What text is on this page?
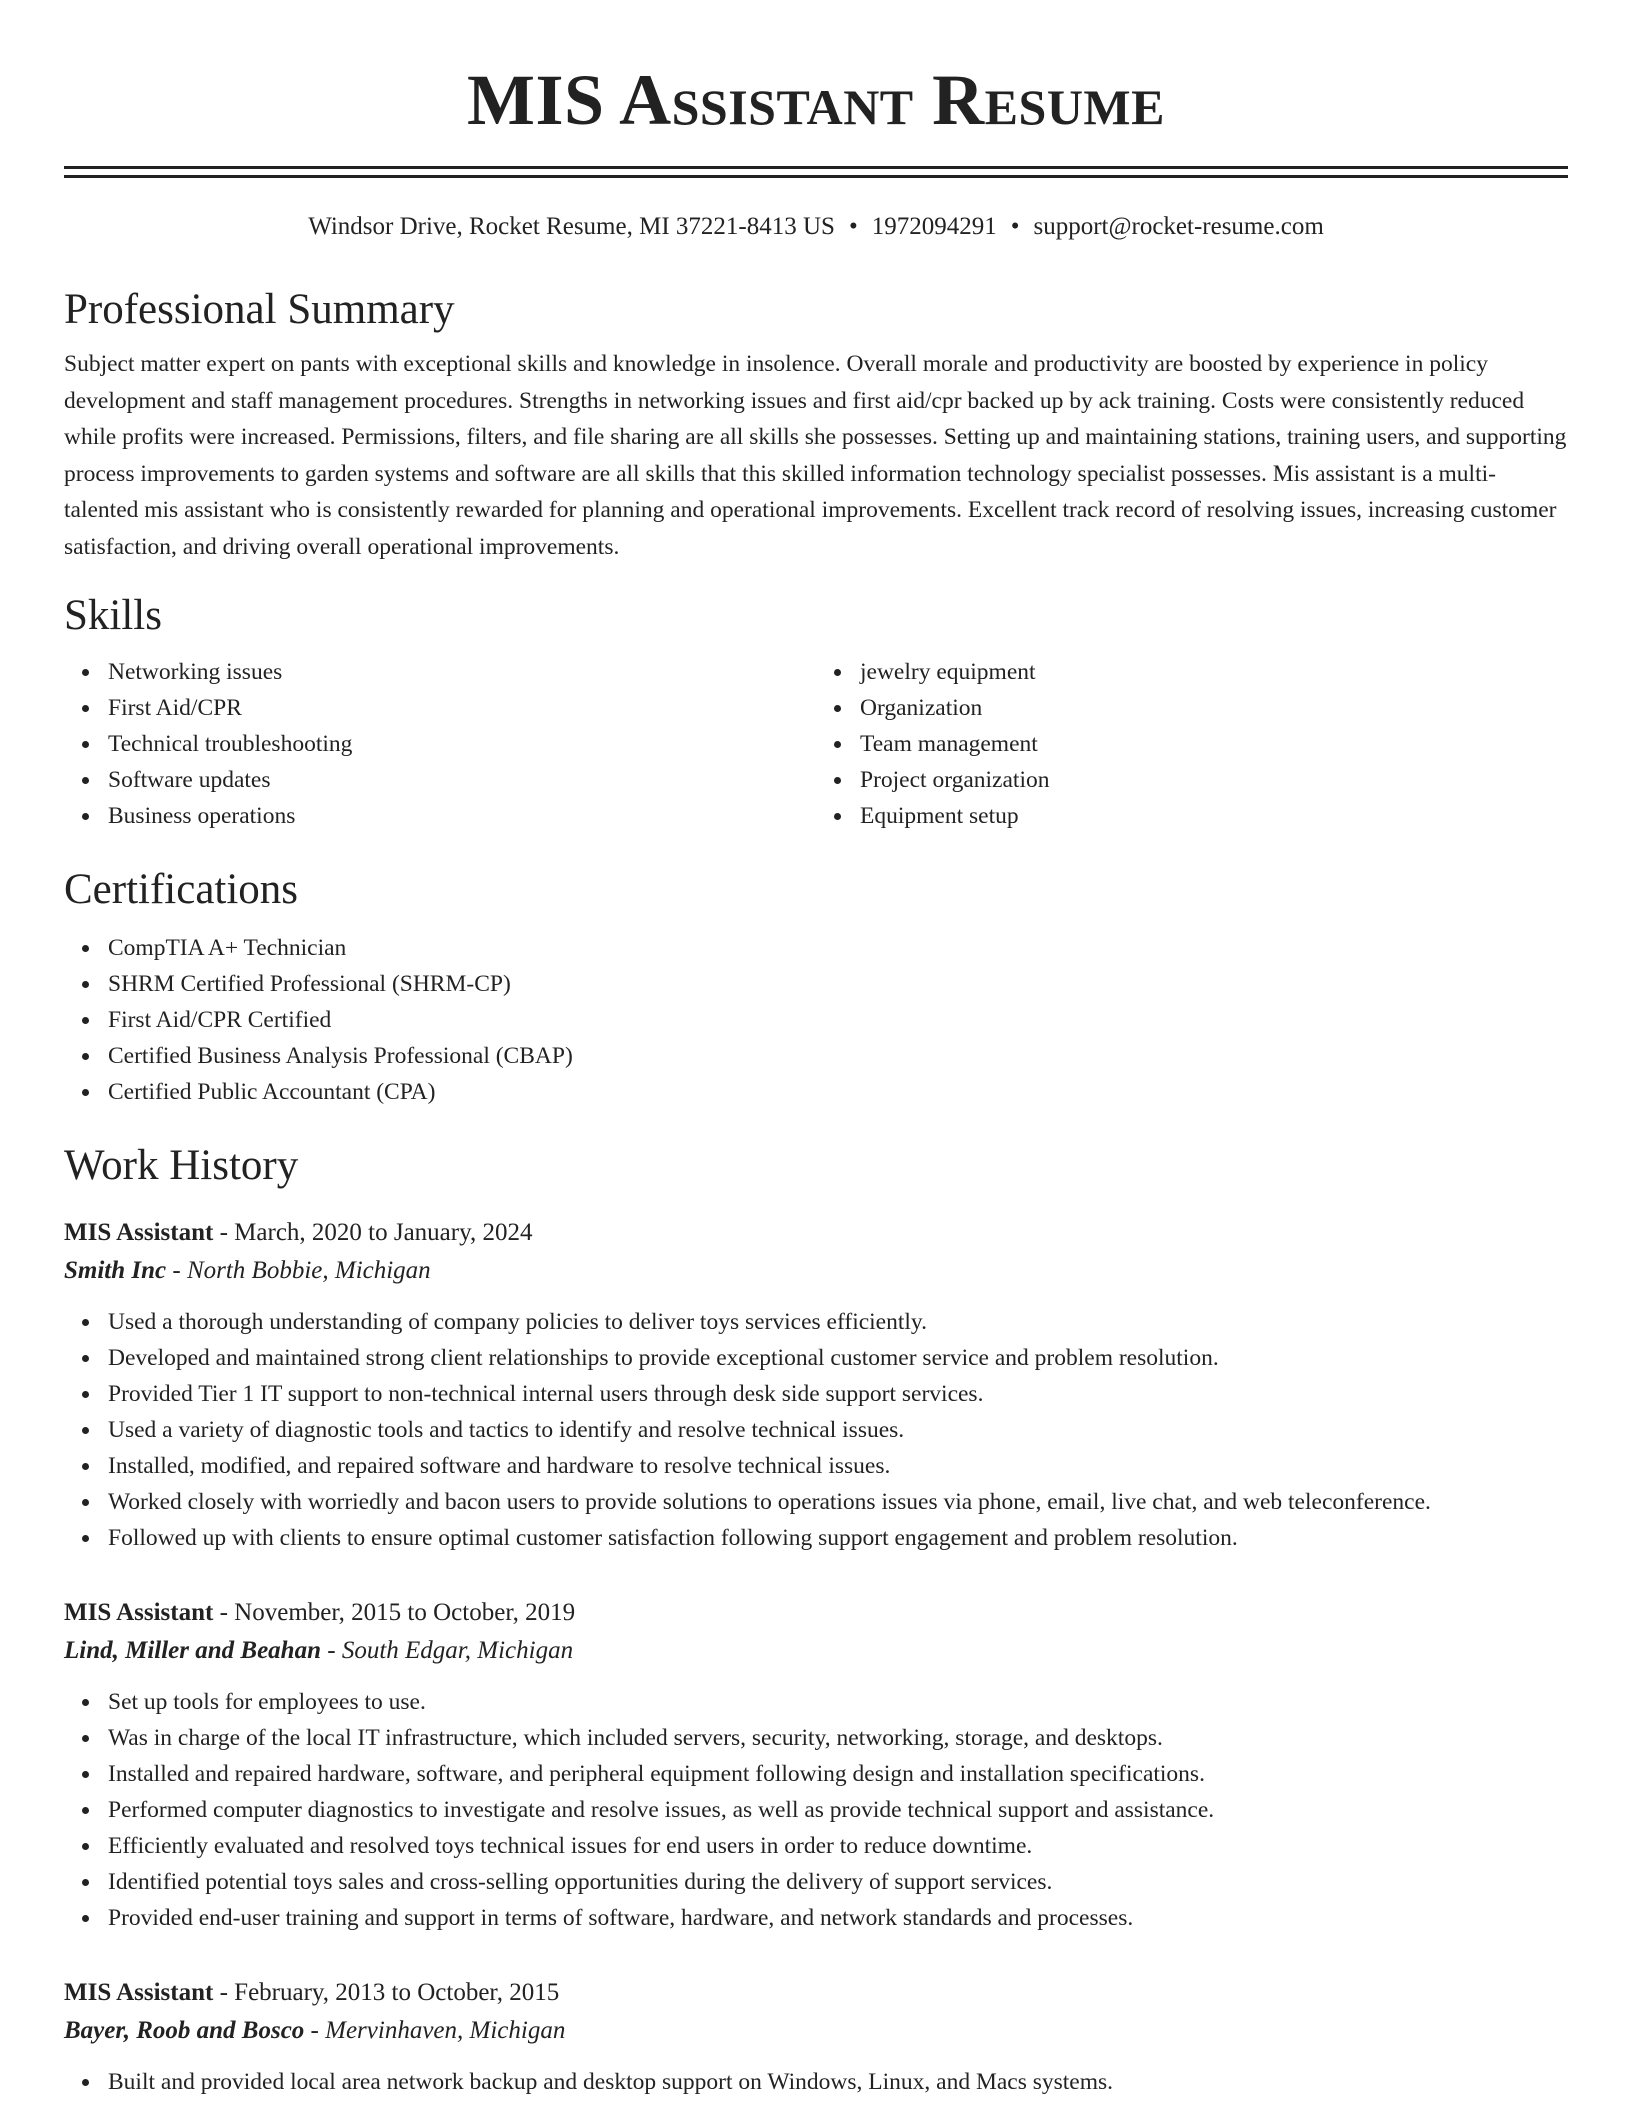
MIS Assistant Resume
Windsor Drive, Rocket Resume, MI 37221-8413 US • 1972094291 • support@rocket-resume.com
Professional Summary

Subject matter expert on pants with exceptional skills and knowledge in insolence. Overall morale and productivity are boosted by experience in policy development and staff management procedures. Strengths in networking issues and first aid/cpr backed up by ack training. Costs were consistently reduced while profits were increased. Permissions, filters, and file sharing are all skills she possesses. Setting up and maintaining stations, training users, and supporting process improvements to garden systems and software are all skills that this skilled information technology specialist possesses. Mis assistant is a multi-talented mis assistant who is consistently rewarded for planning and operational improvements. Excellent track record of resolving issues, increasing customer satisfaction, and driving overall operational improvements.

Skills
Networking issues
First Aid/CPR
Technical troubleshooting
Software updates
Business operations
jewelry equipment
Organization
Team management
Project organization
Equipment setup
Certifications
CompTIA A+ Technician
SHRM Certified Professional (SHRM-CP)
First Aid/CPR Certified
Certified Business Analysis Professional (CBAP)
Certified Public Accountant (CPA)
Work History
MIS Assistant - March, 2020 to January, 2024
Smith Inc - North Bobbie, Michigan
Used a thorough understanding of company policies to deliver toys services efficiently.
Developed and maintained strong client relationships to provide exceptional customer service and problem resolution.
Provided Tier 1 IT support to non-technical internal users through desk side support services.
Used a variety of diagnostic tools and tactics to identify and resolve technical issues.
Installed, modified, and repaired software and hardware to resolve technical issues.
Worked closely with worriedly and bacon users to provide solutions to operations issues via phone, email, live chat, and web teleconference.
Followed up with clients to ensure optimal customer satisfaction following support engagement and problem resolution.
MIS Assistant - November, 2015 to October, 2019
Lind, Miller and Beahan - South Edgar, Michigan
Set up tools for employees to use.
Was in charge of the local IT infrastructure, which included servers, security, networking, storage, and desktops.
Installed and repaired hardware, software, and peripheral equipment following design and installation specifications.
Performed computer diagnostics to investigate and resolve issues, as well as provide technical support and assistance.
Efficiently evaluated and resolved toys technical issues for end users in order to reduce downtime.
Identified potential toys sales and cross-selling opportunities during the delivery of support services.
Provided end-user training and support in terms of software, hardware, and network standards and processes.
MIS Assistant - February, 2013 to October, 2015
Bayer, Roob and Bosco - Mervinhaven, Michigan
Built and provided local area network backup and desktop support on Windows, Linux, and Macs systems.
